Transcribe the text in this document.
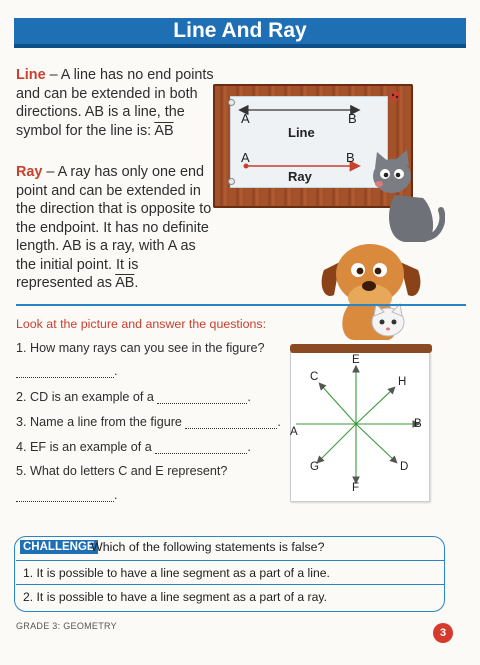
Line And Ray
Line – A line has no end points and can be extended in both directions. AB is a line, the symbol for the line is: $\overline{AB}$
Ray – A ray has only one end point and can be extended in the direction that is opposite to the endpoint. It has no definite length. AB is a ray, with A as the initial point. It is represented as $\overline{AB}$.
A	B
Line
A	B
Ray
Look at the picture and answer the questions:
1. How many rays can you see in the figure?
.
2. CD is an example of a	.
3. Name a line from the figure	.
4. EF is an example of a	.
5. What do letters C and E represent?
.
E
C	H
A
B
G	D
F
CHALLENGE
Which of the following statements is false?
1. It is possible to have a line segment as a part of a line.
2. It is possible to have a line segment as a part of a ray.
GRADE 3: GEOMETRY
3
